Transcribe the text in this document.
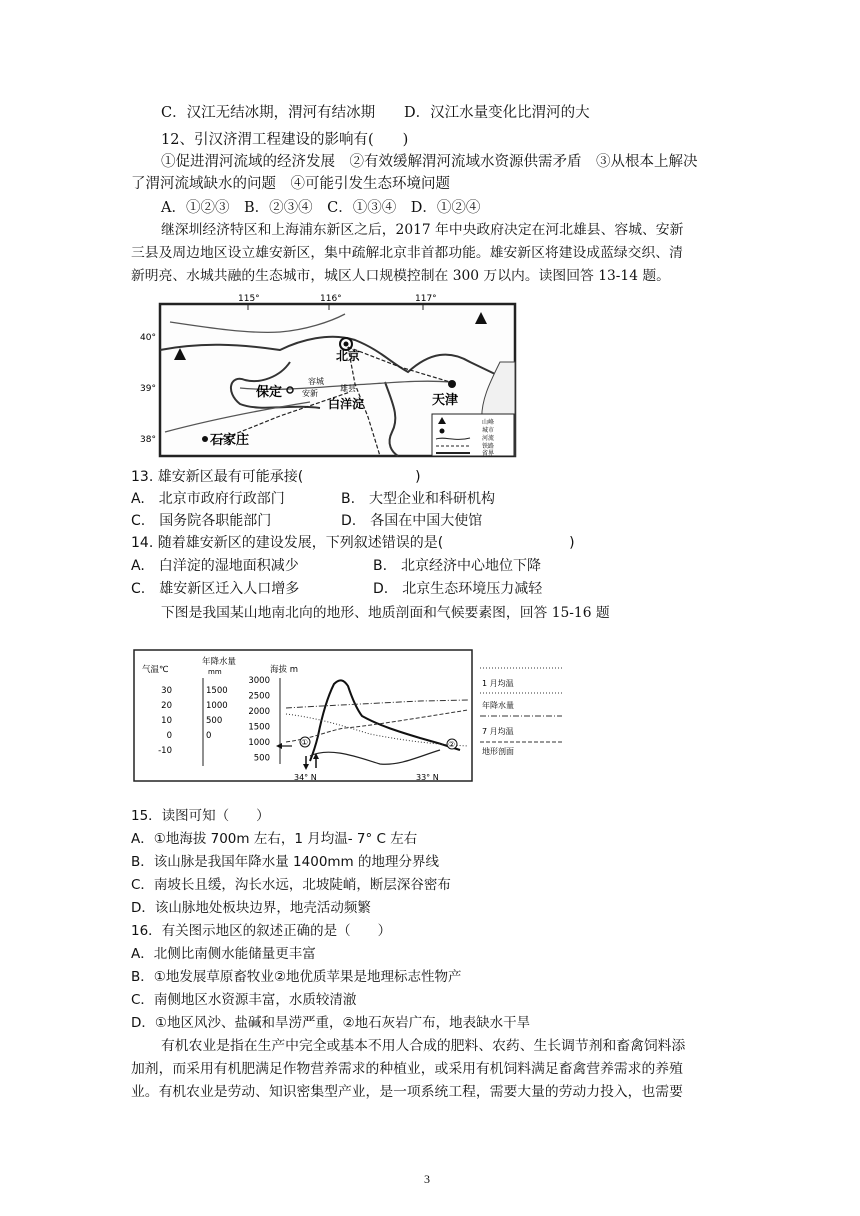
C．汉江无结冰期，渭河有结冰期 D．汉江水量变化比渭河的大
12、引汉济渭工程建设的影响有(　　)
①促进渭河流域的经济发展　②有效缓解渭河流域水资源供需矛盾　③从根本上解决
了渭河流域缺水的问题　④可能引发生态环境问题
A．①②③　B．②③④　C．①③④　D．①②④
继深圳经济特区和上海浦东新区之后，2017 年中央政府决定在河北雄县、容城、安新
三县及周边地区设立雄安新区，集中疏解北京非首都功能。雄安新区将建设成蓝绿交织、清
新明亮、水城共融的生态城市，城区人口规模控制在 300 万以内。读图回答 13-14 题。
115°	116°	117°
40°
39°
38°
北京
天津
保定
容城
雄县
安新
白洋淀
石家庄
山峰
城市
河流
铁路
省界
13. 雄安新区最有可能承接(　　　　　　　　)
A.　北京市政府行政部门	B.　大型企业和科研机构
C.　国务院各职能部门	D.　各国在中国大使馆
14. 随着雄安新区的建设发展，下列叙述错误的是(　　　　　　　　　)
A.　白洋淀的湿地面积减少	B.　北京经济中心地位下降
C.　雄安新区迁入人口增多	D.　北京生态环境压力减轻
下图是我国某山地南北向的地形、地质剖面和气候要素图，回答 15-16 题
气温℃
年降水量
mm	海拔 m
30
20
10
0
-10
1500
1000
500
0
3000
2500
2000
1500
1000
500
①	②
34° N	33° N
1 月均温
年降水量
7 月均温
地形剖面
15．读图可知（　　）
A．①地海拔 700m 左右，1 月均温- 7° C 左右
B．该山脉是我国年降水量 1400mm 的地理分界线
C．南坡长且缓，沟长水远，北坡陡峭，断层深谷密布
D．该山脉地处板块边界，地壳活动频繁
16．有关图示地区的叙述正确的是（　　）
A．北侧比南侧水能储量更丰富
B．①地发展草原畜牧业②地优质苹果是地理标志性物产
C．南侧地区水资源丰富，水质较清澈
D．①地区风沙、盐碱和旱涝严重，②地石灰岩广布，地表缺水干旱
有机农业是指在生产中完全或基本不用人合成的肥料、农药、生长调节剂和畜禽饲料添
加剂，而采用有机肥满足作物营养需求的种植业，或采用有机饲料满足畜禽营养需求的养殖
业。有机农业是劳动、知识密集型产业，是一项系统工程，需要大量的劳动力投入，也需要
3
